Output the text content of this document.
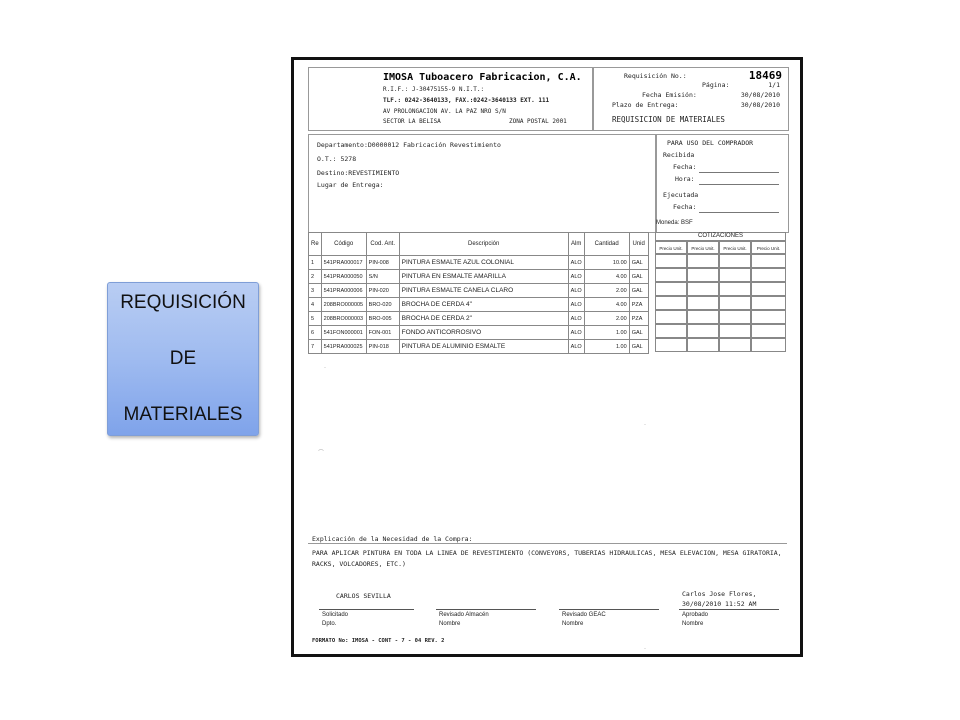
REQUISICIÓN
DE
MATERIALES
IMOSA Tuboacero Fabricacion, C.A.
R.I.F.: J-30475155-9 N.I.T.:
TLF.: 0242-3640133, FAX.:0242-3640133 EXT. 111
AV PROLONGACION AV. LA PAZ NRO S/N
SECTOR LA BELISA	ZONA POSTAL 2001
Requisición No.:	18469
Página:	1/1
Fecha Emisión:	30/08/2010
Plazo de Entrega:	30/08/2010
REQUISICION DE MATERIALES
Departamento:D0000012 Fabricación Revestimiento
O.T.: 5278
Destino:REVESTIMIENTO
Lugar de Entrega:
PARA USO DEL COMPRADOR
Recibida
Fecha:
Hora:
Ejecutada
Fecha:
Moneda: BSF
Re	Código	Cod. Ant.	Descripción	Alm	Cantidad	Unid
1	541PRA000017	PIN-008	PINTURA ESMALTE AZUL COLONIAL	ALO	10.00	GAL
2	541PRA000050	S/N	PINTURA EN ESMALTE AMARILLA	ALO	4.00	GAL
3	541PRA000006	PIN-020	PINTURA ESMALTE CANELA CLARO	ALO	2.00	GAL
4	208BRO000005	BRO-020	BROCHA DE CERDA 4"	ALO	4.00	PZA
5	208BRO000003	BRO-005	BROCHA DE CERDA 2"	ALO	2.00	PZA
6	541FON000001	FON-001	FONDO ANTICORROSIVO	ALO	1.00	GAL
7	541PRA000025	PIN-018	PINTURA DE ALUMINIO ESMALTE	ALO	1.00	GAL
COTIZACIONES
Precio Unit.	Precio Unit.	Precio Unit.	Precio Unit.
·
·
⌒
Explicación de la Necesidad de la Compra:
PARA APLICAR PINTURA EN TODA LA LINEA DE REVESTIMIENTO (CONVEYORS, TUBERIAS HIDRAULICAS, MESA ELEVACION, MESA GIRATORIA, RACKS, VOLCADORES, ETC.)
CARLOS SEVILLA	Carlos Jose Flores,
30/08/2010 11:52 AM
Solicitado
Dpto.
Revisado Almacén
Nombre
Revisado GEAC
Nombre
Aprobado
Nombre
FORMATO No: IMOSA - CONT - 7 - 04 REV. 2
·
